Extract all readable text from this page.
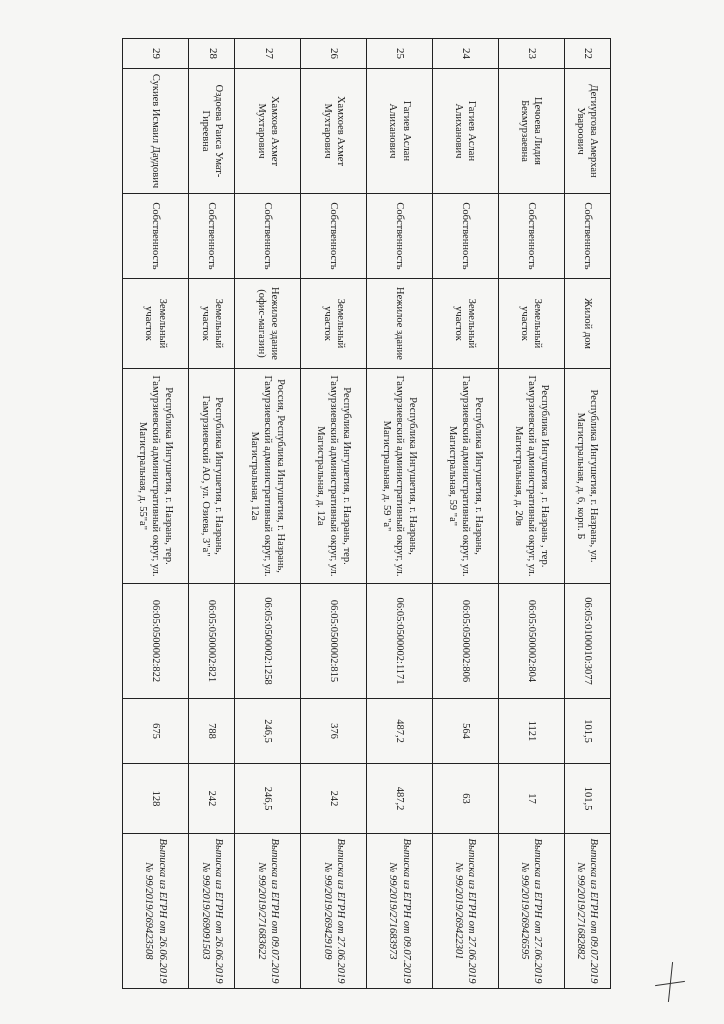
22	Дегиургова Амерхан Увароович	Собственность	Жилой дом	Республика Ингушетия, г. Назрань, ул. Магистральная, д. 6, корп. Б	06:05:0100010:3077	101,5	101,5	Выписка из ЕГРН от 09.07.2019
№ 99/2019/271682882

23	Цечоева Лидия Бекмурзаевна	Собственность	Земельный участок	Республика Ингушетия , г. Назрань , тер. Гамурзиевский административный округ, ул. Магистральная, д. 20в	06:05:0500002:804	1121	17	Выписка из ЕГРН от 27.06.2019
№ 99/2019/269426595

24	Гагиев Аслан Алиханович	Собственность	Земельный участок	Республика Ингушетия, г. Назрань, Гамурзиевский административный округ, ул. Магистральная, 59 "а"	06:05:0500002:806	564	63	Выписка из ЕГРН от 27.06.2019
№ 99/2019/269422301

25	Гагиев Аслан Алиханович	Собственность	Нежилое здание	Республика Ингушетия, г. Назрань, Гамурзиевский административный округ, ул. Магистральная, д. 59 "а"	06:05:0500002:1171	487,2	487,2	Выписка из ЕГРН от 09.07.2019
№ 99/2019/271683973

26	Хамхоев Ахмет Мухтарович	Собственность	Земельный участок	Республика Ингушетия, г. Назрань, тер. Гамурзиевский административный округ, ул. Магистральная, д. 12а	06:05:0500002:815	376	242	Выписка из ЕГРН от 27.06.2019
№ 99/2019/269429109

27	Хамхоев Ахмет Мухтарович	Собственность	Нежилое здание (офис-магазин)	Россия, Республика Ингушетия, г. Назрань, Гамурзиевский административный округ, ул. Магистральная, 12а	06:05:0500002:1258	246,5	246,5	Выписка из ЕГРН от 09.07.2019
№ 99/2019/271683622

28	Оздоева Раиса Умат-Гиреевна	Собственность	Земельный участок	Республика Ингушетия, г. Назрань, Гамурзиевский АО, ул. Озиева, 3"а"	06:05:0500002:821	788	242	Выписка из ЕГРН от 26.06.2019
№ 99/2019/269091503

29	Сукиев Исмаил Даудович	Собственность	Земельный участок	Республика Ингушетия, г. Назрань, тер. Гамурзиевский административный округ, ул. Магистральная, д. 55"а"	06:05:0500002:822	675	128	Выписка из ЕГРН от 26.06.2019
№ 99/2019/269423508
